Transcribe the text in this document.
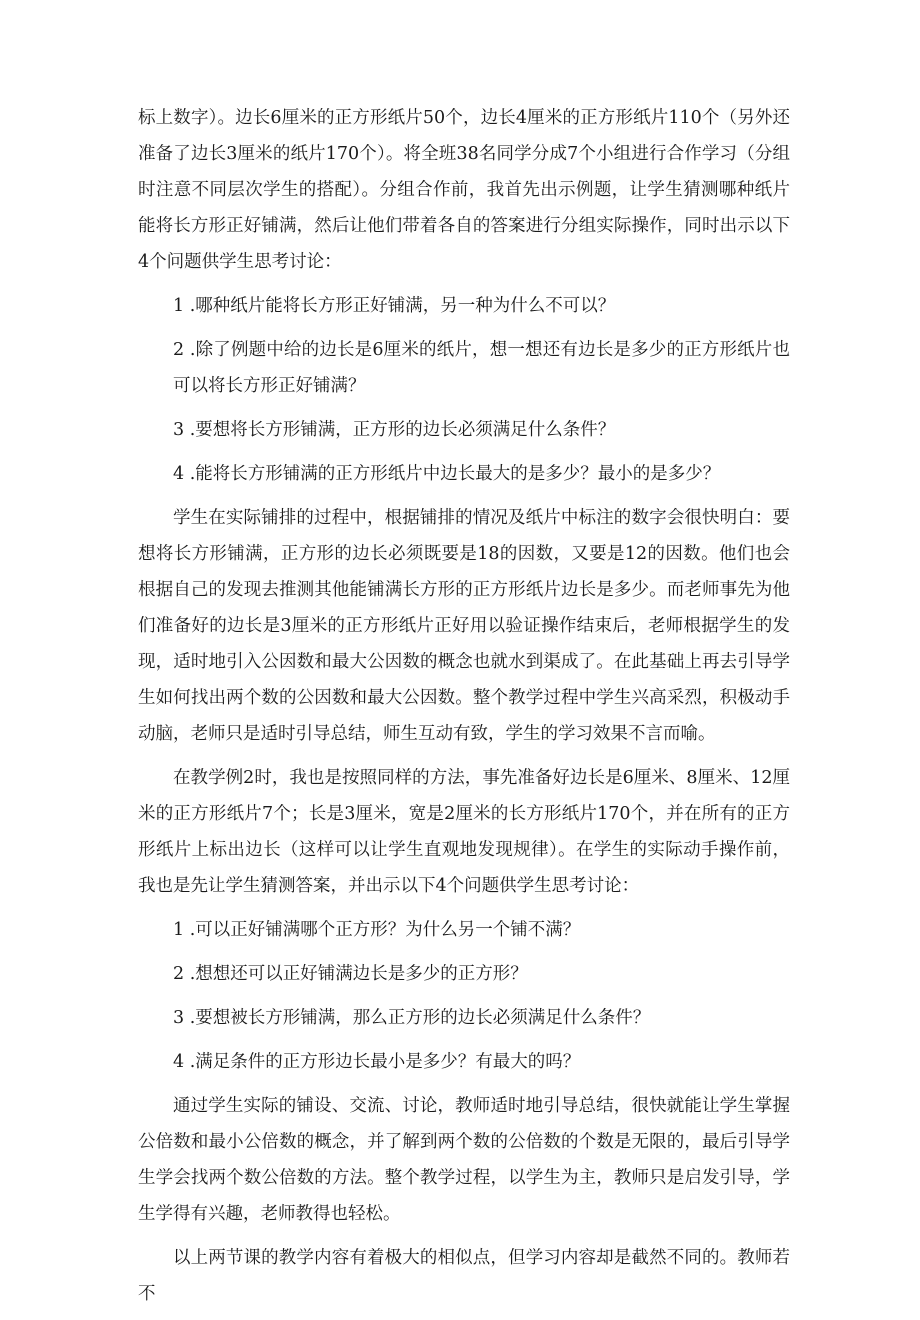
标上数字）。边长6厘米的正方形纸片50个，边长4厘米的正方形纸片110个（另外还准备了边长3厘米的纸片170个）。将全班38名同学分成7个小组进行合作学习（分组时注意不同层次学生的搭配）。分组合作前，我首先出示例题，让学生猜测哪种纸片能将长方形正好铺满，然后让他们带着各自的答案进行分组实际操作，同时出示以下4个问题供学生思考讨论：

1 .哪种纸片能将长方形正好铺满，另一种为什么不可以？

2 .除了例题中给的边长是6厘米的纸片，想一想还有边长是多少的正方形纸片也可以将长方形正好铺满？

3 .要想将长方形铺满，正方形的边长必须满足什么条件？

4 .能将长方形铺满的正方形纸片中边长最大的是多少？最小的是多少？

学生在实际铺排的过程中，根据铺排的情况及纸片中标注的数字会很快明白：要想将长方形铺满，正方形的边长必须既要是18的因数，又要是12的因数。他们也会根据自己的发现去推测其他能铺满长方形的正方形纸片边长是多少。而老师事先为他们准备好的边长是3厘米的正方形纸片正好用以验证操作结束后，老师根据学生的发现，适时地引入公因数和最大公因数的概念也就水到渠成了。在此基础上再去引导学生如何找出两个数的公因数和最大公因数。整个教学过程中学生兴高采烈，积极动手动脑，老师只是适时引导总结，师生互动有致，学生的学习效果不言而喻。

在教学例2时，我也是按照同样的方法，事先准备好边长是6厘米、8厘米、12厘米的正方形纸片7个；长是3厘米，宽是2厘米的长方形纸片170个，并在所有的正方形纸片上标出边长（这样可以让学生直观地发现规律）。在学生的实际动手操作前，我也是先让学生猜测答案，并出示以下4个问题供学生思考讨论：

1 .可以正好铺满哪个正方形？为什么另一个铺不满？

2 .想想还可以正好铺满边长是多少的正方形？

3 .要想被长方形铺满，那么正方形的边长必须满足什么条件？

4 .满足条件的正方形边长最小是多少？有最大的吗？

通过学生实际的铺设、交流、讨论，教师适时地引导总结，很快就能让学生掌握公倍数和最小公倍数的概念，并了解到两个数的公倍数的个数是无限的，最后引导学生学会找两个数公倍数的方法。整个教学过程，以学生为主，教师只是启发引导，学生学得有兴趣，老师教得也轻松。

以上两节课的教学内容有着极大的相似点，但学习内容却是截然不同的。教师若不
